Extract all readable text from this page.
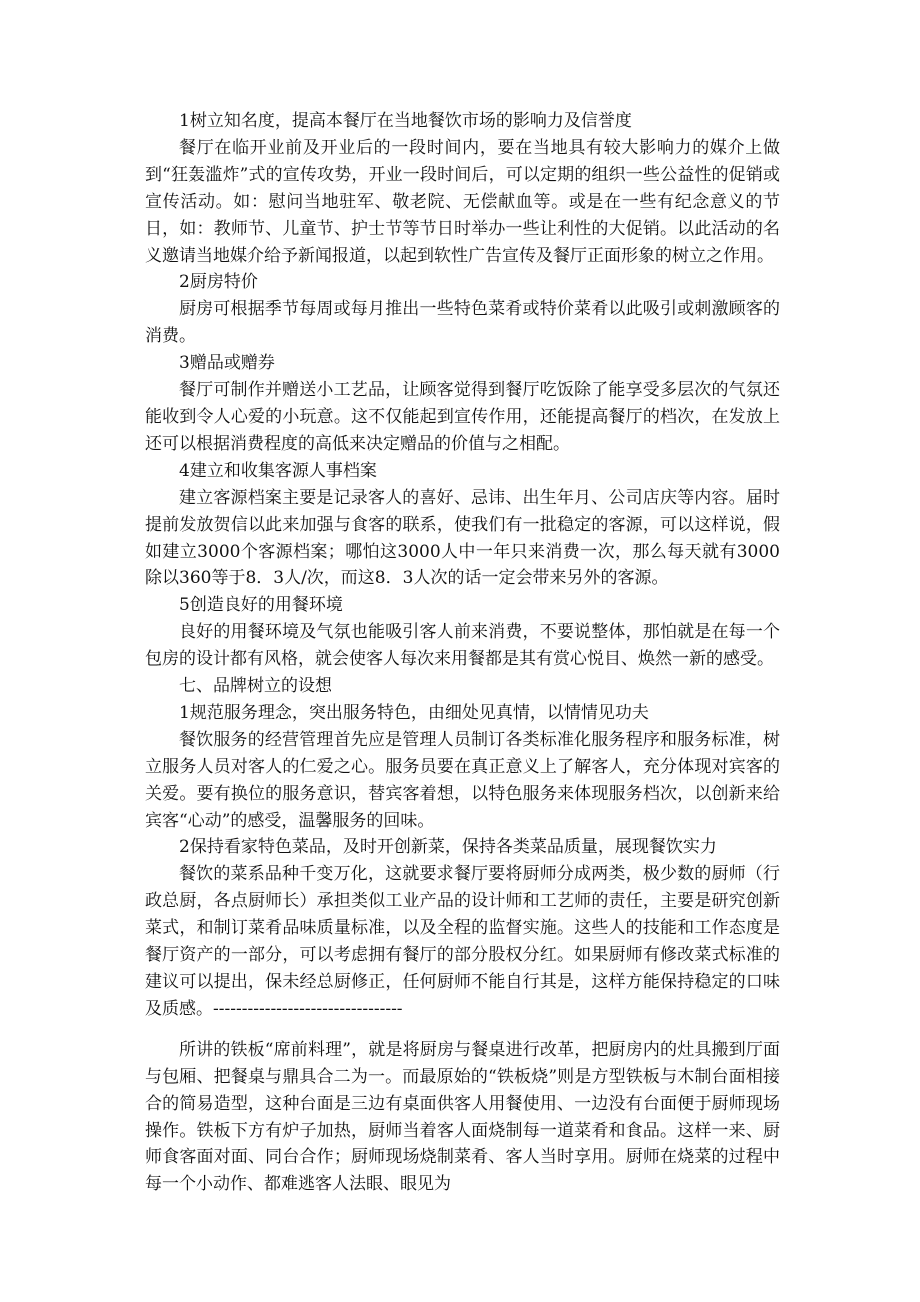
1树立知名度，提高本餐厅在当地餐饮市场的影响力及信誉度

餐厅在临开业前及开业后的一段时间内，要在当地具有较大影响力的媒介上做到“狂轰滥炸”式的宣传攻势，开业一段时间后，可以定期的组织一些公益性的促销或宣传活动。如：慰问当地驻军、敬老院、无偿献血等。或是在一些有纪念意义的节日，如：教师节、儿童节、护士节等节日时举办一些让利性的大促销。以此活动的名义邀请当地媒介给予新闻报道，以起到软性广告宣传及餐厅正面形象的树立之作用。

2厨房特价

厨房可根据季节每周或每月推出一些特色菜肴或特价菜肴以此吸引或刺激顾客的消费。

3赠品或赠券

餐厅可制作并赠送小工艺品，让顾客觉得到餐厅吃饭除了能享受多层次的气氛还能收到令人心爱的小玩意。这不仅能起到宣传作用，还能提高餐厅的档次，在发放上还可以根据消费程度的高低来决定赠品的价值与之相配。

4建立和收集客源人事档案

建立客源档案主要是记录客人的喜好、忌讳、出生年月、公司店庆等内容。届时提前发放贺信以此来加强与食客的联系，使我们有一批稳定的客源，可以这样说，假如建立3000个客源档案；哪怕这3000人中一年只来消费一次，那么每天就有3000除以360等于8．3人/次，而这8．3人次的话一定会带来另外的客源。

5创造良好的用餐环境

良好的用餐环境及气氛也能吸引客人前来消费，不要说整体，那怕就是在每一个包房的设计都有风格，就会使客人每次来用餐都是其有赏心悦目、焕然一新的感受。

七、品牌树立的设想

1规范服务理念，突出服务特色，由细处见真情，以情情见功夫

餐饮服务的经营管理首先应是管理人员制订各类标准化服务程序和服务标准，树立服务人员对客人的仁爱之心。服务员要在真正意义上了解客人，充分体现对宾客的关爱。要有换位的服务意识，替宾客着想，以特色服务来体现服务档次，以创新来给宾客“心动”的感受，温馨服务的回味。

2保持看家特色菜品，及时开创新菜，保持各类菜品质量，展现餐饮实力

餐饮的菜系品种千变万化，这就要求餐厅要将厨师分成两类，极少数的厨师（行政总厨，各点厨师长）承担类似工业产品的设计师和工艺师的责任，主要是研究创新菜式，和制订菜肴品味质量标准，以及全程的监督实施。这些人的技能和工作态度是餐厅资产的一部分，可以考虑拥有餐厅的部分股权分红。如果厨师有修改菜式标准的建议可以提出，保未经总厨修正，任何厨师不能自行其是，这样方能保持稳定的口味及质感。---------------------------------

所讲的铁板“席前料理”，就是将厨房与餐桌进行改革，把厨房内的灶具搬到厅面与包厢、把餐桌与鼎具合二为一。而最原始的“铁板烧”则是方型铁板与木制台面相接合的简易造型，这种台面是三边有桌面供客人用餐使用、一边没有台面便于厨师现场操作。铁板下方有炉子加热，厨师当着客人面烧制每一道菜肴和食品。这样一来、厨师食客面对面、同台合作；厨师现场烧制菜肴、客人当时享用。厨师在烧菜的过程中每一个小动作、都难逃客人法眼、眼见为
